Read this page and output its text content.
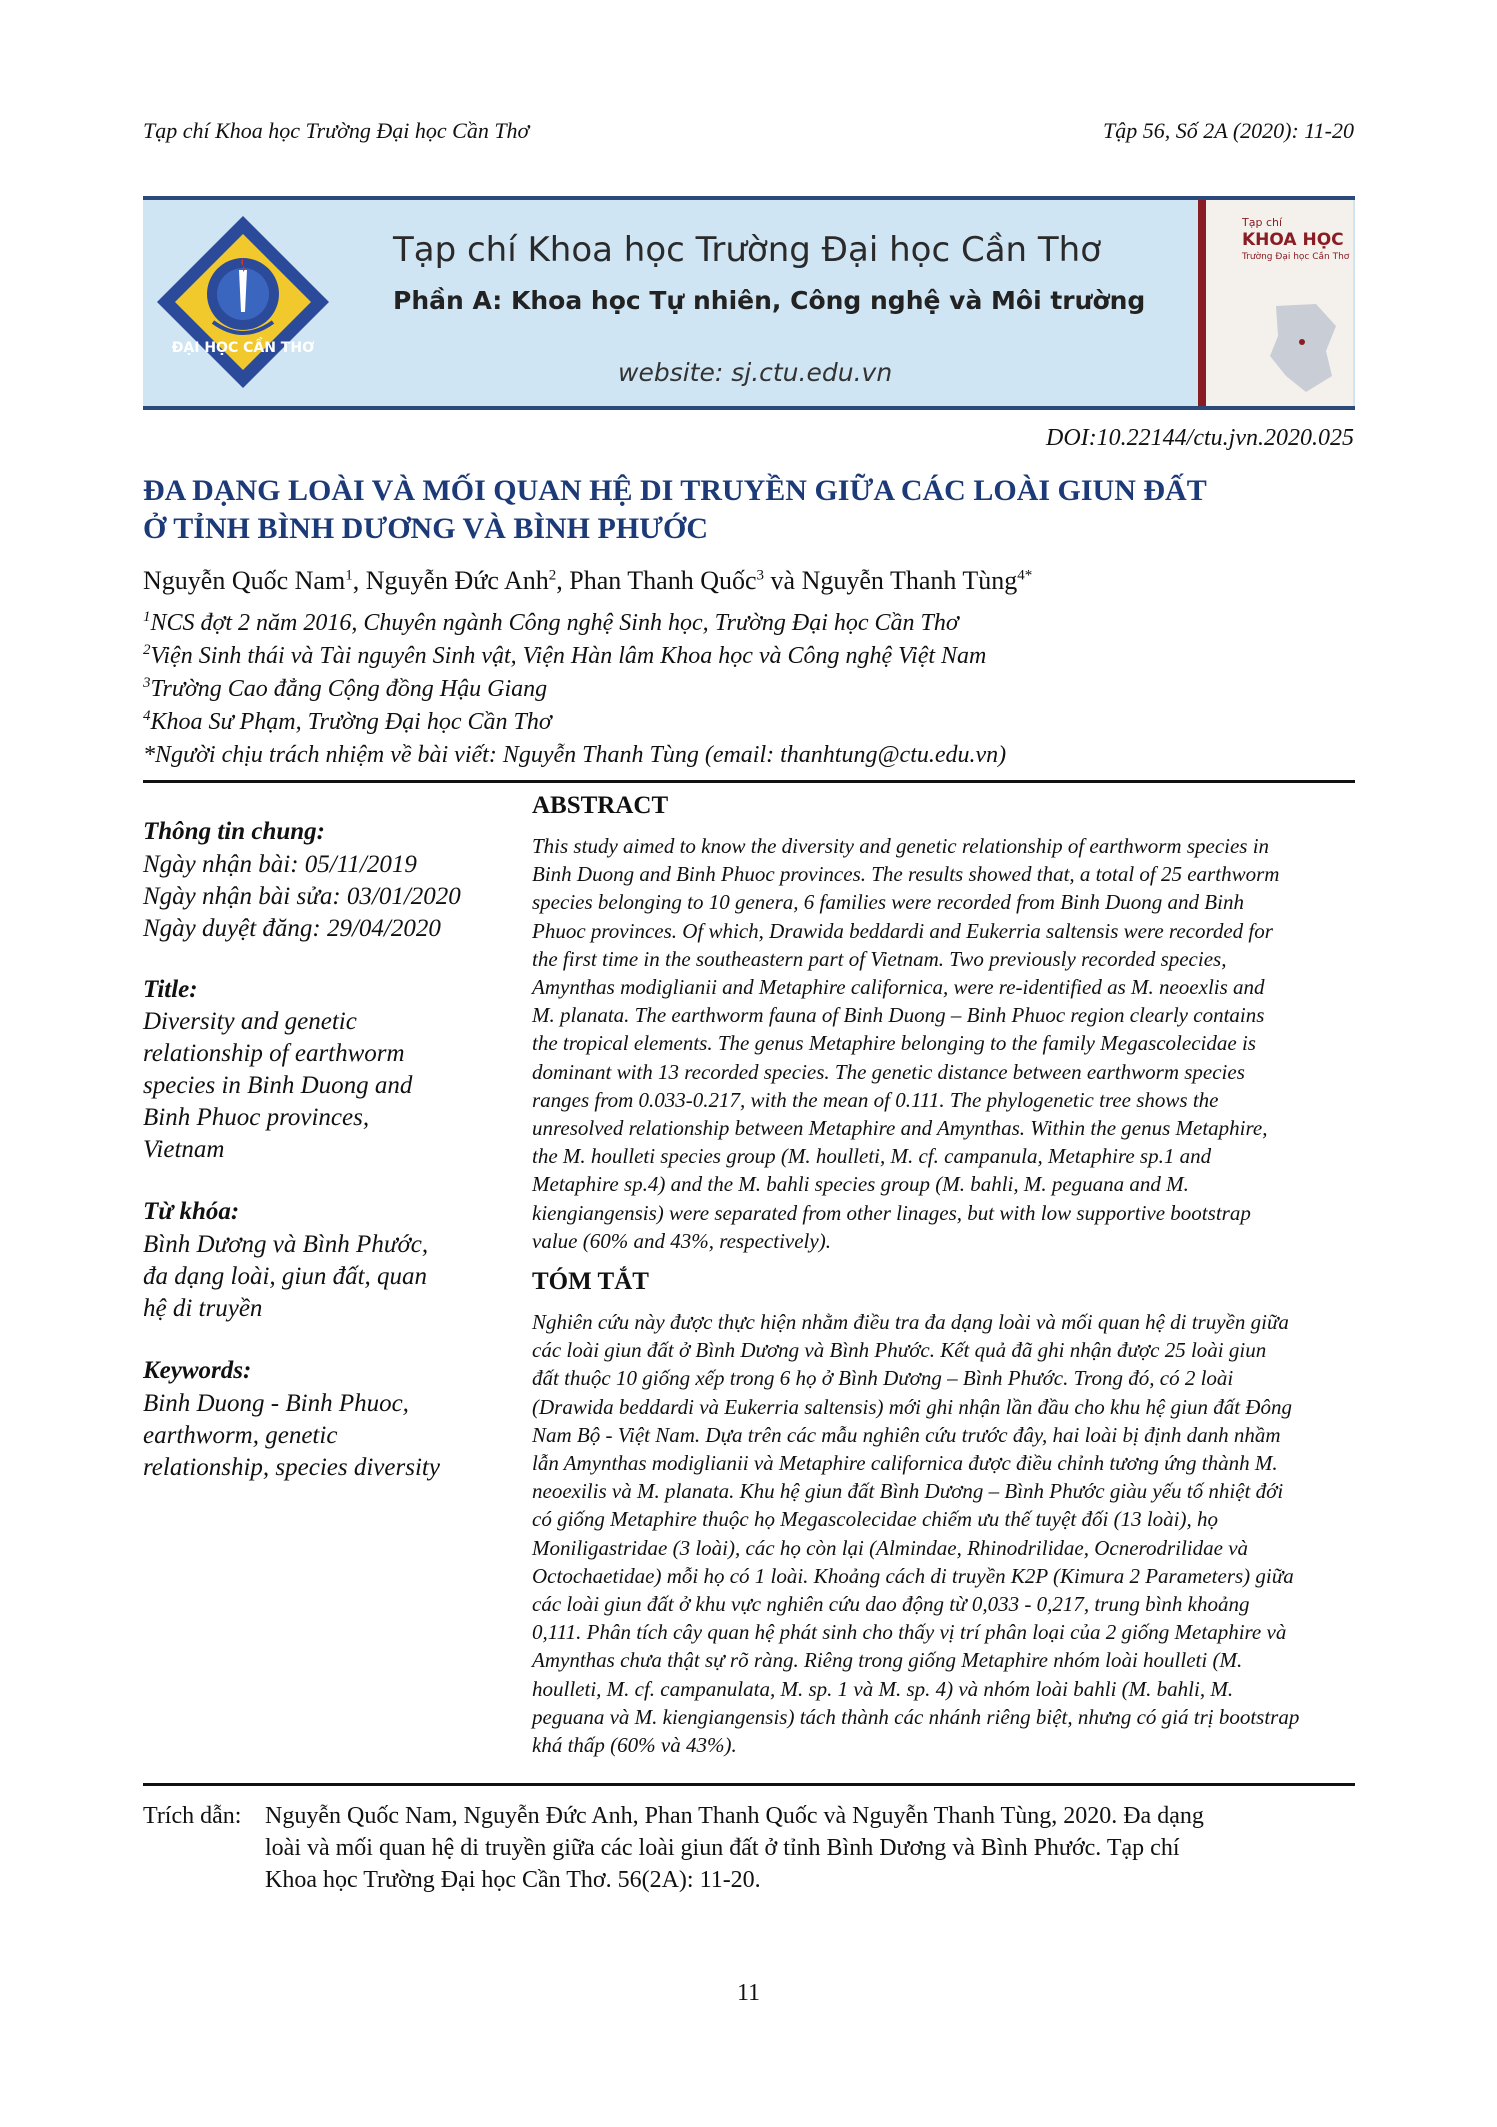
Tạp chí Khoa học Trường Đại học Cần Thơ	Tập 56, Số 2A (2020): 11-20
ĐẠI HỌC CẦN THƠ
Tạp chí Khoa học Trường Đại học Cần Thơ
Phần A: Khoa học Tự nhiên, Công nghệ và Môi trường
website: sj.ctu.edu.vn
Tạp chí
KHOA HỌC
Trường Đại học Cần Thơ
DOI:10.22144/ctu.jvn.2020.025
ĐA DẠNG LOÀI VÀ MỐI QUAN HỆ DI TRUYỀN GIỮA CÁC LOÀI GIUN ĐẤT
Ở TỈNH BÌNH DƯƠNG VÀ BÌNH PHƯỚC
Nguyễn Quốc Nam$^1$, Nguyễn Đức Anh$^2$, Phan Thanh Quốc$^3$ và Nguyễn Thanh Tùng$^{4*}$
$^1$NCS đợt 2 năm 2016, Chuyên ngành Công nghệ Sinh học, Trường Đại học Cần Thơ
$^2$Viện Sinh thái và Tài nguyên Sinh vật, Viện Hàn lâm Khoa học và Công nghệ Việt Nam
$^3$Trường Cao đẳng Cộng đồng Hậu Giang
$^4$Khoa Sư Phạm, Trường Đại học Cần Thơ
*Người chịu trách nhiệm về bài viết: Nguyễn Thanh Tùng (email: thanhtung@ctu.edu.vn)
Thông tin chung:
Ngày nhận bài: 05/11/2019
Ngày nhận bài sửa: 03/01/2020
Ngày duyệt đăng: 29/04/2020
Title:
Diversity and genetic
relationship of earthworm
species in Binh Duong and
Binh Phuoc provinces,
Vietnam
Từ khóa:
Bình Dương và Bình Phước,
đa dạng loài, giun đất, quan
hệ di truyền
Keywords:
Binh Duong - Binh Phuoc,
earthworm, genetic
relationship, species diversity
ABSTRACT
This study aimed to know the diversity and genetic relationship of earthworm species in
Binh Duong and Binh Phuoc provinces. The results showed that, a total of 25 earthworm
species belonging to 10 genera, 6 families were recorded from Binh Duong and Binh
Phuoc provinces. Of which, Drawida beddardi and Eukerria saltensis were recorded for
the first time in the southeastern part of Vietnam. Two previously recorded species,
Amynthas modiglianii and Metaphire californica, were re-identified as M. neoexlis and
M. planata. The earthworm fauna of Binh Duong – Binh Phuoc region clearly contains
the tropical elements. The genus Metaphire belonging to the family Megascolecidae is
dominant with 13 recorded species. The genetic distance between earthworm species
ranges from 0.033-0.217, with the mean of 0.111. The phylogenetic tree shows the
unresolved relationship between Metaphire and Amynthas. Within the genus Metaphire,
the M. houlleti species group (M. houlleti, M. cf. campanula, Metaphire sp.1 and
Metaphire sp.4) and the M. bahli species group (M. bahli, M. peguana and M.
kiengiangensis) were separated from other linages, but with low supportive bootstrap
value (60% and 43%, respectively).
TÓM TẮT
Nghiên cứu này được thực hiện nhằm điều tra đa dạng loài và mối quan hệ di truyền giữa
các loài giun đất ở Bình Dương và Bình Phước. Kết quả đã ghi nhận được 25 loài giun
đất thuộc 10 giống xếp trong 6 họ ở Bình Dương – Bình Phước. Trong đó, có 2 loài
(Drawida beddardi và Eukerria saltensis) mới ghi nhận lần đầu cho khu hệ giun đất Đông
Nam Bộ - Việt Nam. Dựa trên các mẫu nghiên cứu trước đây, hai loài bị định danh nhầm
lẫn Amynthas modiglianii và Metaphire californica được điều chỉnh tương ứng thành M.
neoexilis và M. planata. Khu hệ giun đất Bình Dương – Bình Phước giàu yếu tố nhiệt đới
có giống Metaphire thuộc họ Megascolecidae chiếm ưu thế tuyệt đối (13 loài), họ
Moniligastridae (3 loài), các họ còn lại (Almindae, Rhinodrilidae, Ocnerodrilidae và
Octochaetidae) mỗi họ có 1 loài. Khoảng cách di truyền K2P (Kimura 2 Parameters) giữa
các loài giun đất ở khu vực nghiên cứu dao động từ 0,033 - 0,217, trung bình khoảng
0,111. Phân tích cây quan hệ phát sinh cho thấy vị trí phân loại của 2 giống Metaphire và
Amynthas chưa thật sự rõ ràng. Riêng trong giống Metaphire nhóm loài houlleti (M.
houlleti, M. cf. campanulata, M. sp. 1 và M. sp. 4) và nhóm loài bahli (M. bahli, M.
peguana và M. kiengiangensis) tách thành các nhánh riêng biệt, nhưng có giá trị bootstrap
khá thấp (60% và 43%).
Trích dẫn: Nguyễn Quốc Nam, Nguyễn Đức Anh, Phan Thanh Quốc và Nguyễn Thanh Tùng, 2020. Đa dạng
loài và mối quan hệ di truyền giữa các loài giun đất ở tỉnh Bình Dương và Bình Phước. Tạp chí
Khoa học Trường Đại học Cần Thơ. 56(2A): 11-20.
11
